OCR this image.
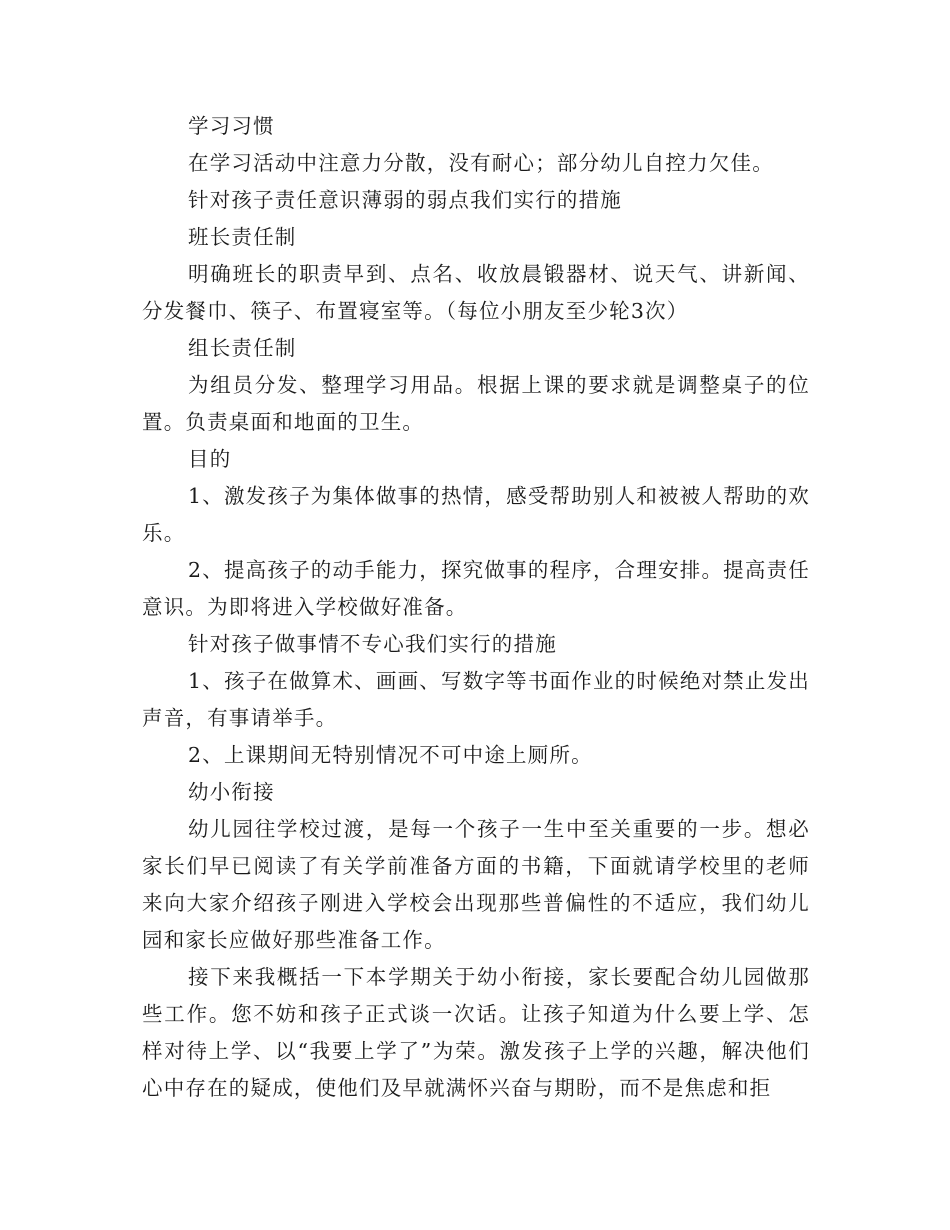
学习习惯

在学习活动中注意力分散，没有耐心；部分幼儿自控力欠佳。

针对孩子责任意识薄弱的弱点我们实行的措施

班长责任制

明确班长的职责早到、点名、收放晨锻器材、说天气、讲新闻、分发餐巾、筷子、布置寝室等。（每位小朋友至少轮3次）

组长责任制

为组员分发、整理学习用品。根据上课的要求就是调整桌子的位置。负责桌面和地面的卫生。

目的

1、激发孩子为集体做事的热情，感受帮助别人和被被人帮助的欢乐。

2、提高孩子的动手能力，探究做事的程序，合理安排。提高责任意识。为即将进入学校做好准备。

针对孩子做事情不专心我们实行的措施

1、孩子在做算术、画画、写数字等书面作业的时候绝对禁止发出声音，有事请举手。

2、上课期间无特别情况不可中途上厕所。

幼小衔接

幼儿园往学校过渡，是每一个孩子一生中至关重要的一步。想必家长们早已阅读了有关学前准备方面的书籍，下面就请学校里的老师来向大家介绍孩子刚进入学校会出现那些普偏性的不适应，我们幼儿园和家长应做好那些准备工作。

接下来我概括一下本学期关于幼小衔接，家长要配合幼儿园做那些工作。您不妨和孩子正式谈一次话。让孩子知道为什么要上学、怎样对待上学、以“我要上学了”为荣。激发孩子上学的兴趣，解决他们心中存在的疑成，使他们及早就满怀兴奋与期盼，而不是焦虑和拒
